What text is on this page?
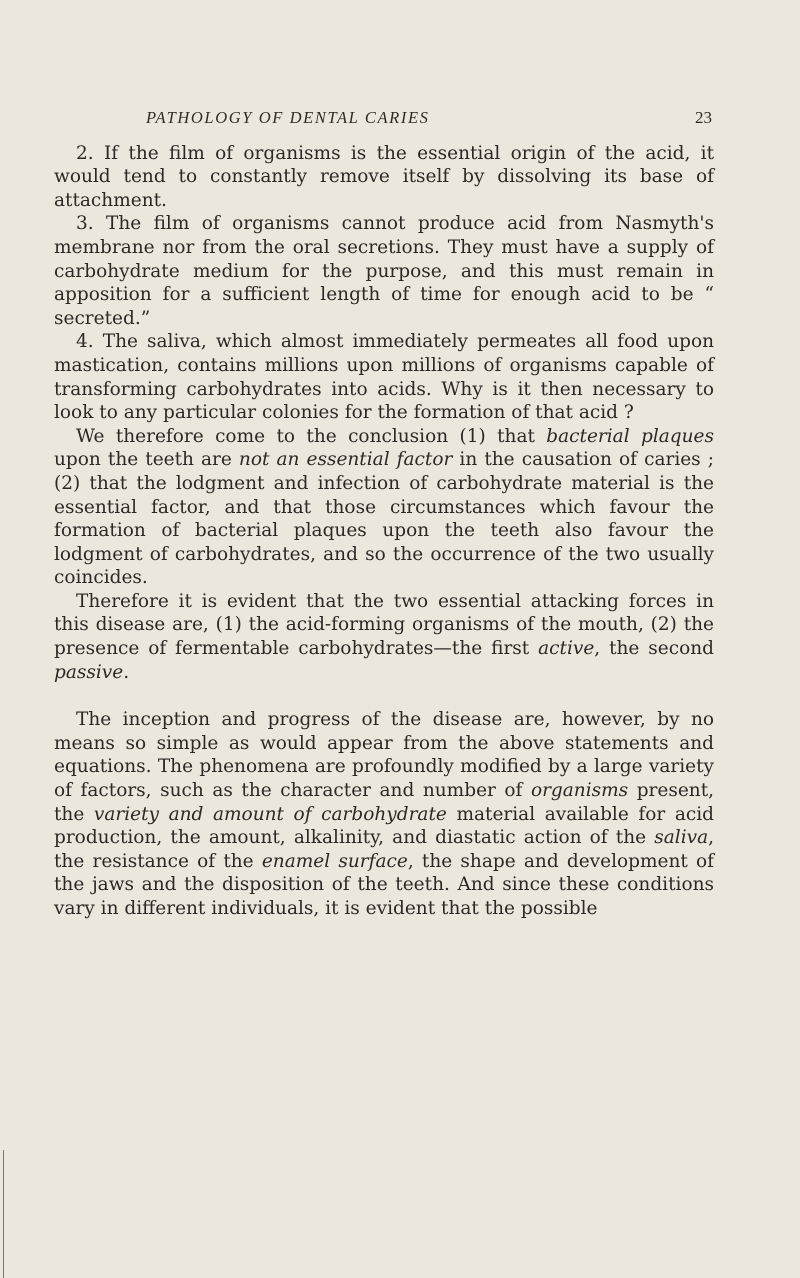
PATHOLOGY OF DENTAL CARIES	23

2. If the film of organisms is the essential origin of the acid, it would tend to constantly remove itself by dissolving its base of attachment.

3. The film of organisms cannot produce acid from Nasmyth's membrane nor from the oral secretions. They must have a supply of carbohydrate medium for the purpose, and this must remain in apposition for a sufficient length of time for enough acid to be “ secreted.”

4. The saliva, which almost immediately permeates all food upon mastication, contains millions upon millions of organisms capable of transforming carbohydrates into acids. Why is it then necessary to look to any particular colonies for the formation of that acid ?

We therefore come to the conclusion (1) that bacterial plaques upon the teeth are not an essential factor in the causation of caries ; (2) that the lodgment and infection of carbohydrate material is the essential factor, and that those circumstances which favour the formation of bacterial plaques upon the teeth also favour the lodgment of carbohydrates, and so the occurrence of the two usually coincides.

Therefore it is evident that the two essential attacking forces in this disease are, (1) the acid-forming organisms of the mouth, (2) the presence of fermentable carbohydrates—the first active, the second passive.

The inception and progress of the disease are, however, by no means so simple as would appear from the above statements and equations. The phenomena are profoundly modified by a large variety of factors, such as the character and number of organisms present, the variety and amount of carbohydrate material available for acid production, the amount, alkalinity, and diastatic action of the saliva, the resistance of the enamel surface, the shape and development of the jaws and the disposition of the teeth. And since these conditions vary in different individuals, it is evident that the possible
